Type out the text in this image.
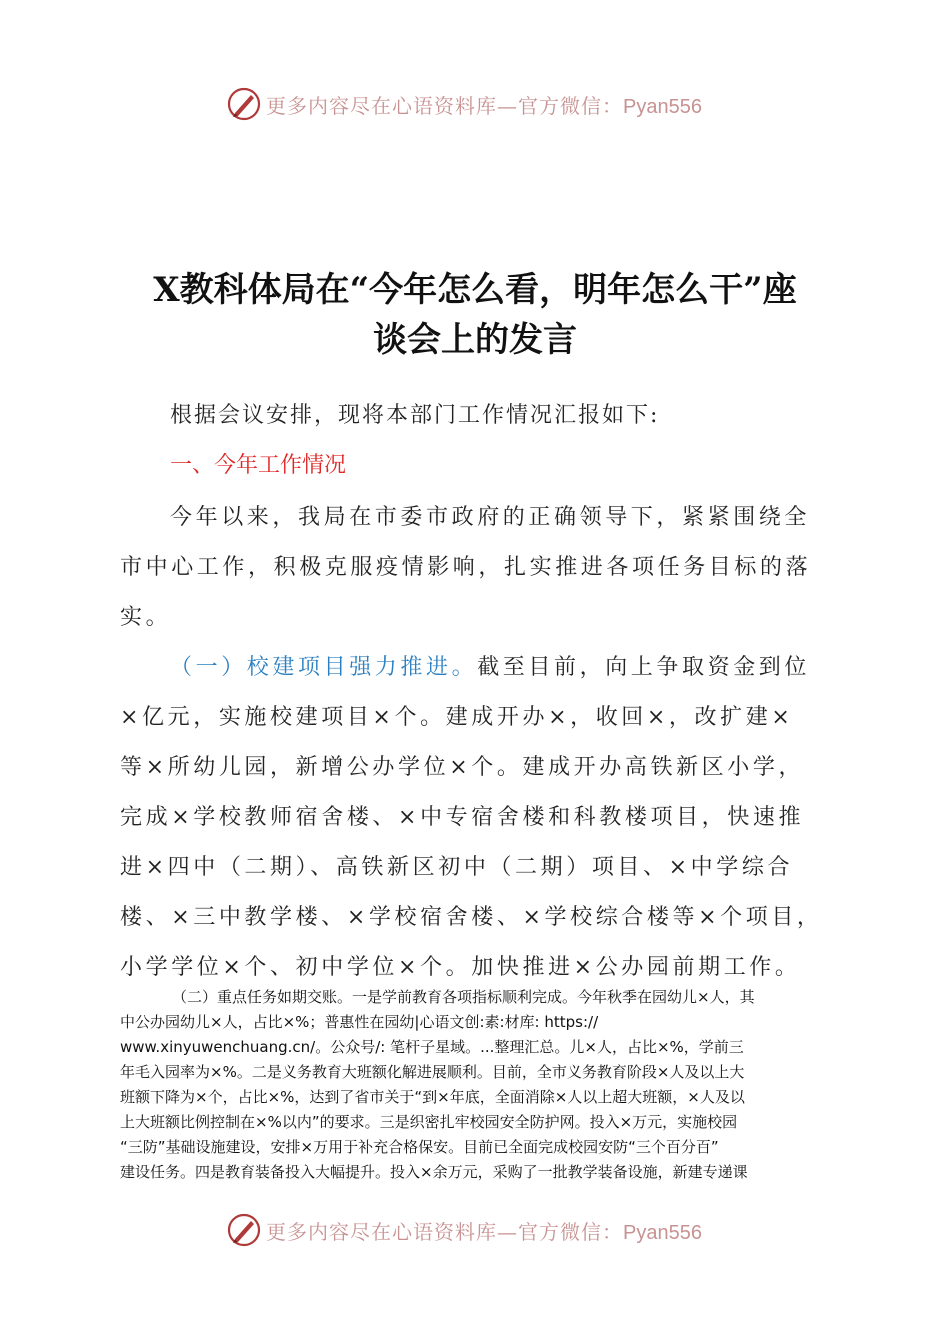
更多内容尽在心语资料库—官方微信：Pyan556
X教科体局在“今年怎么看，明年怎么干”座
谈会上的发言
根据会议安排，现将本部门工作情况汇报如下:
一、今年工作情况
今年以来，我局在市委市政府的正确领导下，紧紧围绕全
市中心工作，积极克服疫情影响，扎实推进各项任务目标的落
实。
（一）校建项目强力推进。截至目前，向上争取资金到位
×亿元，实施校建项目×个。建成开办×，收回×，改扩建×
等×所幼儿园，新增公办学位×个。建成开办高铁新区小学，
完成×学校教师宿舍楼、×中专宿舍楼和科教楼项目，快速推
进×四中（二期）、高铁新区初中（二期）项目、×中学综合
楼、×三中教学楼、×学校宿舍楼、×学校综合楼等×个项目，
小学学位×个、初中学位×个。加快推进×公办园前期工作。
（二）重点任务如期交账。一是学前教育各项指标顺利完成。今年秋季在园幼儿×人，其
中公办园幼儿×人，占比×%；普惠性在园幼|心语文创:素:材库: https://
www.xinyuwenchuang.cn/。公众号/: 笔杆子星域。...整理汇总。儿×人，占比×%，学前三
年毛入园率为×%。二是义务教育大班额化解进展顺利。目前，全市义务教育阶段×人及以上大
班额下降为×个，占比×%，达到了省市关于“到×年底，全面消除×人以上超大班额，×人及以
上大班额比例控制在×%以内”的要求。三是织密扎牢校园安全防护网。投入×万元，实施校园
“三防”基础设施建设，安排×万用于补充合格保安。目前已全面完成校园安防“三个百分百”
建设任务。四是教育装备投入大幅提升。投入×余万元，采购了一批教学装备设施，新建专递课
更多内容尽在心语资料库—官方微信：Pyan556
